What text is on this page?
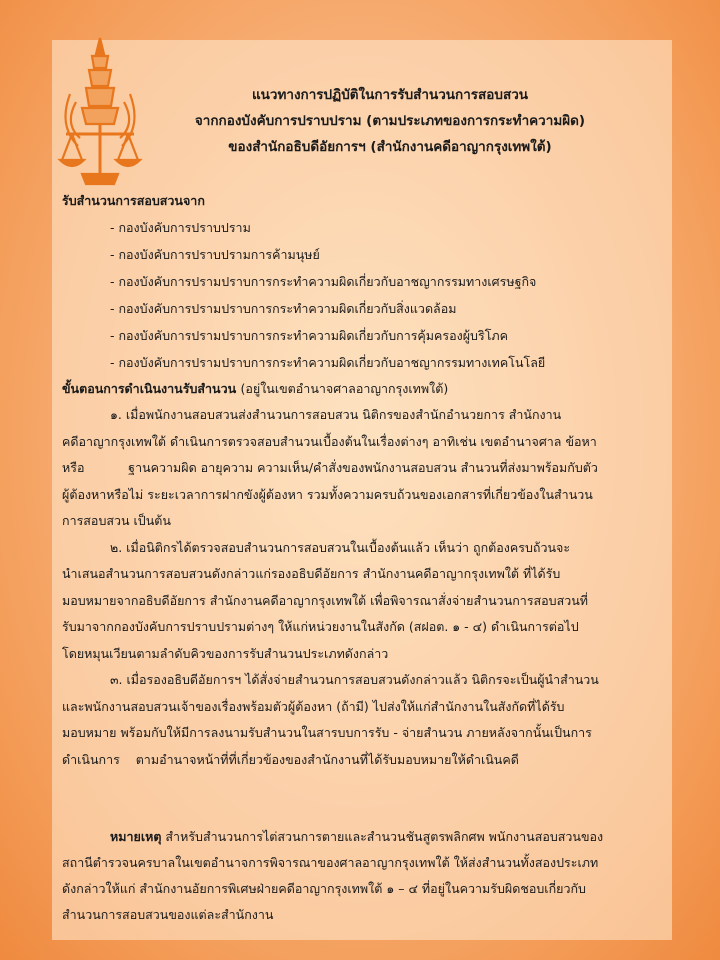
แนวทางการปฏิบัติในการรับสำนวนการสอบสวน
จากกองบังคับการปราบปราม (ตามประเภทของการกระทำความผิด)
ของสำนักอธิบดีอัยการฯ (สำนักงานคดีอาญากรุงเทพใต้)
รับสำนวนการสอบสวนจาก
- กองบังคับการปราบปราม
- กองบังคับการปราบปรามการค้ามนุษย์
- กองบังคับการปรามปราบการกระทำความผิดเกี่ยวกับอาชญากรรมทางเศรษฐกิจ
- กองบังคับการปรามปราบการกระทำความผิดเกี่ยวกับสิ่งแวดล้อม
- กองบังคับการปรามปราบการกระทำความผิดเกี่ยวกับการคุ้มครองผู้บริโภค
- กองบังคับการปรามปราบการกระทำความผิดเกี่ยวกับอาชญากรรมทางเทคโนโลยี
ขั้นตอนการดำเนินงานรับสำนวน (อยู่ในเขตอำนาจศาลอาญากรุงเทพใต้)

๑. เมื่อพนักงานสอบสวนส่งสำนวนการสอบสวน นิติกรของสำนักอำนวยการ สำนักงาน

คดีอาญากรุงเทพใต้ ดำเนินการตรวจสอบสำนวนเบื้องต้นในเรื่องต่างๆ อาทิเช่น เขตอำนาจศาล ข้อหา

หรือ           ฐานความผิด อายุความ ความเห็น/คำสั่งของพนักงานสอบสวน สำนวนที่ส่งมาพร้อมกับตัว

ผู้ต้องหาหรือไม่ ระยะเวลาการฝากขังผู้ต้องหา รวมทั้งความครบถ้วนของเอกสารที่เกี่ยวข้องในสำนวน

การสอบสวน เป็นต้น

๒. เมื่อนิติกรได้ตรวจสอบสำนวนการสอบสวนในเบื้องต้นแล้ว เห็นว่า ถูกต้องครบถ้วนจะ

นำเสนอสำนวนการสอบสวนดังกล่าวแก่รองอธิบดีอัยการ สำนักงานคดีอาญากรุงเทพใต้ ที่ได้รับ

มอบหมายจากอธิบดีอัยการ สำนักงานคดีอาญากรุงเทพใต้ เพื่อพิจารณาสั่งจ่ายสำนวนการสอบสวนที่

รับมาจากกองบังคับการปราบปรามต่างๆ ให้แก่หน่วยงานในสังกัด (สฝอต. ๑ - ๔) ดำเนินการต่อไป

โดยหมุนเวียนตามลำดับคิวของการรับสำนวนประเภทดังกล่าว

๓. เมื่อรองอธิบดีอัยการฯ ได้สั่งจ่ายสำนวนการสอบสวนดังกล่าวแล้ว นิติกรจะเป็นผู้นำสำนวน

และพนักงานสอบสวนเจ้าของเรื่องพร้อมตัวผู้ต้องหา (ถ้ามี) ไปส่งให้แก่สำนักงานในสังกัดที่ได้รับ

มอบหมาย พร้อมกับให้มีการลงนามรับสำนวนในสารบบการรับ - จ่ายสำนวน ภายหลังจากนั้นเป็นการ

ดำเนินการ    ตามอำนาจหน้าที่ที่เกี่ยวข้องของสำนักงานที่ได้รับมอบหมายให้ดำเนินคดี

หมายเหตุ สำหรับสำนวนการไต่สวนการตายและสำนวนชันสูตรพลิกศพ พนักงานสอบสวนของ
สถานีตำรวจนครบาลในเขตอำนาจการพิจารณาของศาลอาญากรุงเทพใต้ ให้ส่งสำนวนทั้งสองประเภท
ดังกล่าวให้แก่ สำนักงานอัยการพิเศษฝ่ายคดีอาญากรุงเทพใต้ ๑ – ๔ ที่อยู่ในความรับผิดชอบเกี่ยวกับ
สำนวนการสอบสวนของแต่ละสำนักงาน
